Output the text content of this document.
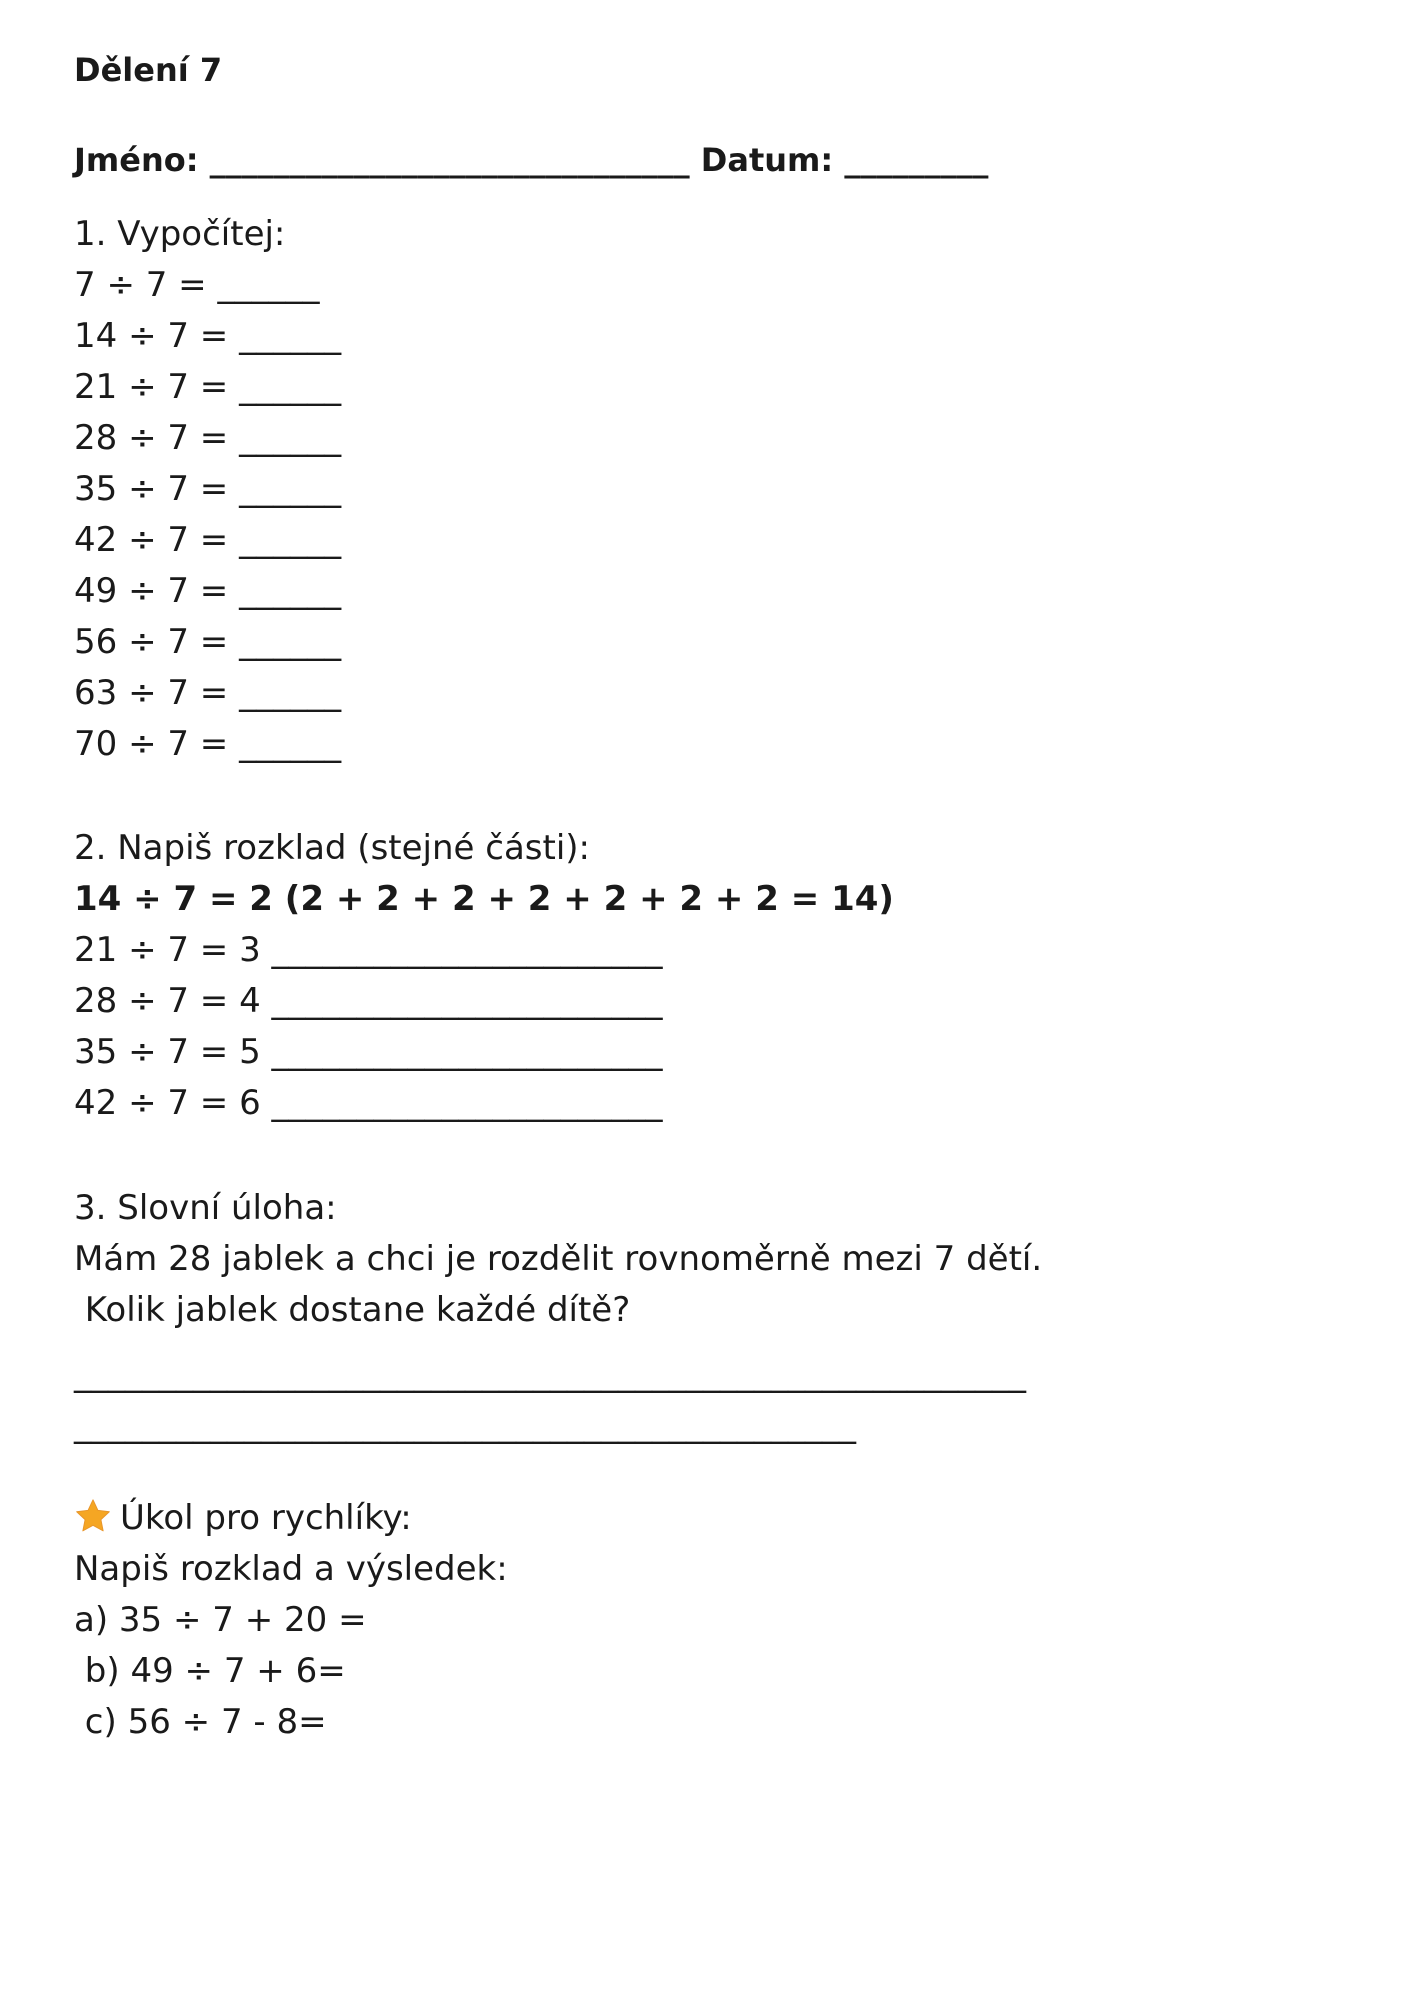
Dělení 7
Jméno: ______________________________ Datum: _________
1. Vypočítej:
7 ÷ 7 = ______
14 ÷ 7 = ______
21 ÷ 7 = ______
28 ÷ 7 = ______
35 ÷ 7 = ______
42 ÷ 7 = ______
49 ÷ 7 = ______
56 ÷ 7 = ______
63 ÷ 7 = ______
70 ÷ 7 = ______
2. Napiš rozklad (stejné části):
14 ÷ 7 = 2 (2 + 2 + 2 + 2 + 2 + 2 + 2 = 14)
21 ÷ 7 = 3 _______________________
28 ÷ 7 = 4 _______________________
35 ÷ 7 = 5 _______________________
42 ÷ 7 = 6 _______________________
3. Slovní úloha:
Mám 28 jablek a chci je rozdělit rovnoměrně mezi 7 dětí.
Kolik jablek dostane každé dítě?
________________________________________________________
______________________________________________
Úkol pro rychlíky:
Napiš rozklad a výsledek:
a) 35 ÷ 7 + 20 =
b) 49 ÷ 7 + 6=
c) 56 ÷ 7 - 8=
